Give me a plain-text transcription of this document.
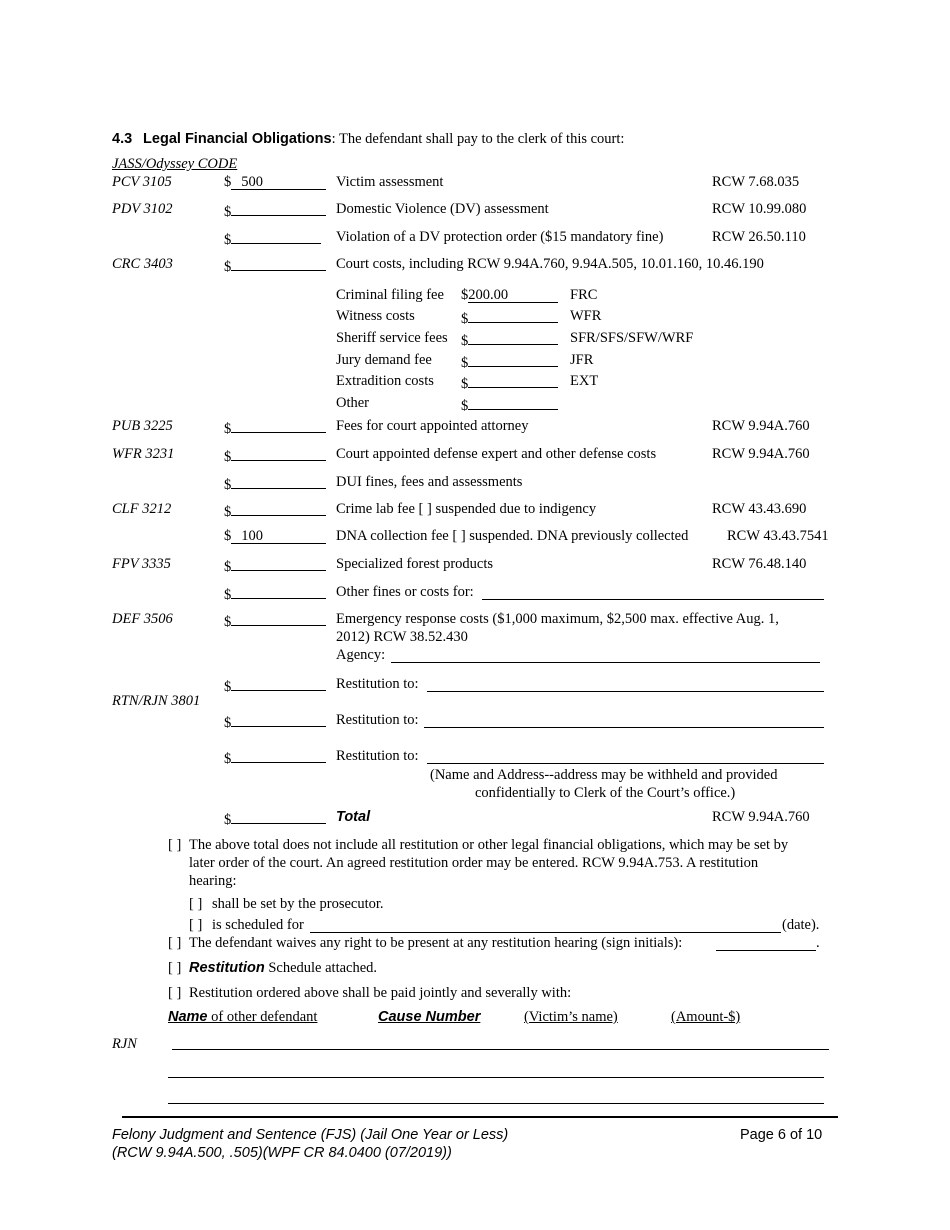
4.3 Legal Financial Obligations: The defendant shall pay to the clerk of this court:
JASS/Odyssey CODE
PCV 3105	$ 500	Victim assessment	RCW 7.68.035
PDV 3102	$	Domestic Violence (DV) assessment	RCW 10.99.080
$	Violation of a DV protection order ($15 mandatory fine)	RCW 26.50.110
CRC 3403	$	Court costs, including RCW 9.94A.760, 9.94A.505, 10.01.160, 10.46.190
Criminal filing fee $200.00	FRC
Witness costs	$	WFR
Sheriff service fees $	SFR/SFS/SFW/WRF
Jury demand fee $	JFR
Extradition costs $	EXT
Other	$
PUB 3225	$	Fees for court appointed attorney	RCW 9.94A.760
WFR 3231	$	Court appointed defense expert and other defense costs	RCW 9.94A.760
$	DUI fines, fees and assessments
CLF 3212	$	Crime lab fee [ ] suspended due to indigency	RCW 43.43.690
$ 100	DNA collection fee [ ] suspended. DNA previously collected	RCW 43.43.7541
FPV 3335	$	Specialized forest products	RCW 76.48.140
$	Other fines or costs for:
DEF 3506	$	Emergency response costs ($1,000 maximum, $2,500 max. effective Aug. 1,
2012) RCW 38.52.430
Agency:
RTN/RJN 3801
$	Restitution to:
$	Restitution to:
$	Restitution to:
(Name and Address--address may be withheld and provided
confidentially to Clerk of the Court’s office.)
$	Total	RCW 9.94A.760
[ ] The above total does not include all restitution or other legal financial obligations, which may be set by
later order of the court. An agreed restitution order may be entered. RCW 9.94A.753. A restitution
hearing:
[ ] shall be set by the prosecutor.
[ ] is scheduled for	(date).
[ ] The defendant waives any right to be present at any restitution hearing (sign initials):	.
[ ] Restitution Schedule attached.
[ ] Restitution ordered above shall be paid jointly and severally with:
Name of other defendant	Cause Number	(Victim’s name)	(Amount-$)
RJN
Felony Judgment and Sentence (FJS) (Jail One Year or Less)
(RCW 9.94A.500, .505)(WPF CR 84.0400 (07/2019))
Page 6 of 10
